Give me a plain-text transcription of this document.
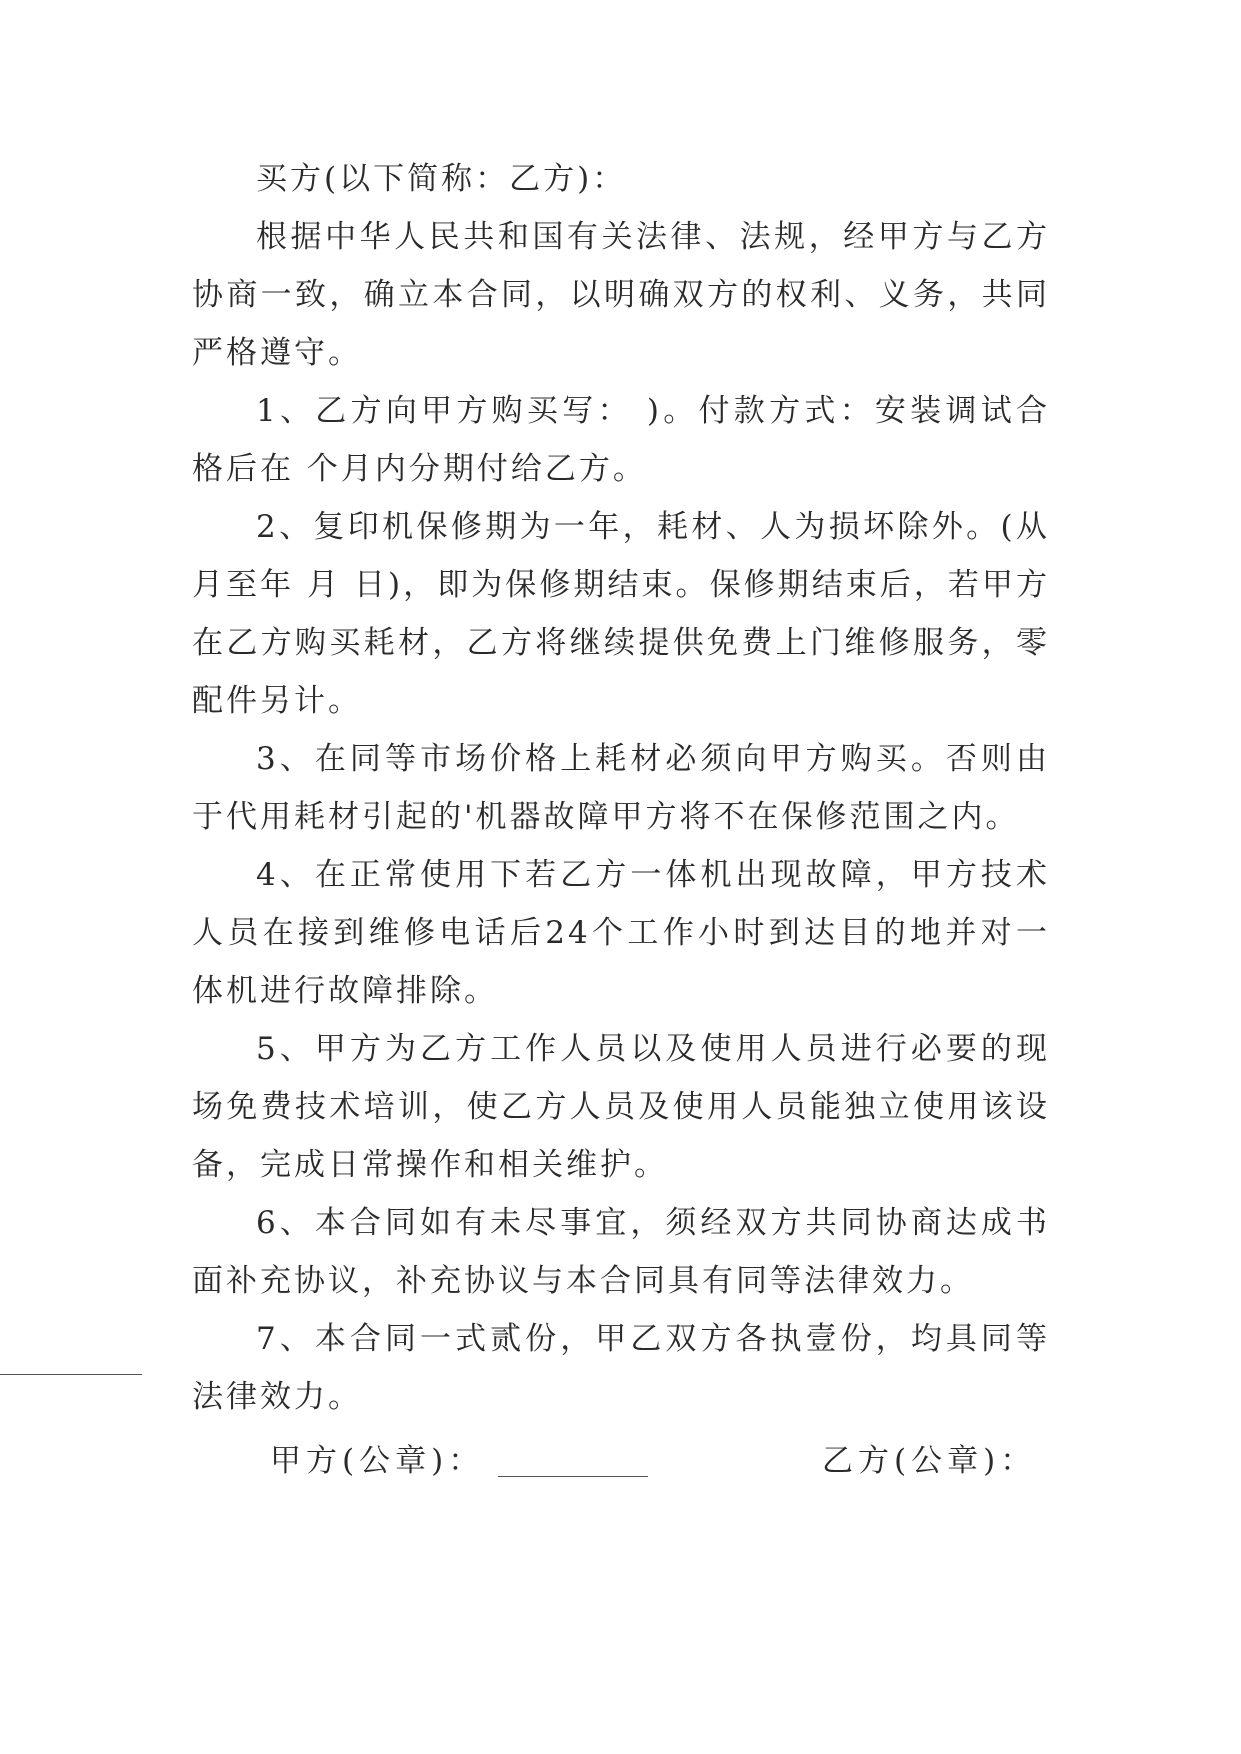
买方(以下简称：乙方)：

根据中华人民共和国有关法律、法规，经甲方与乙方协商一致，确立本合同，以明确双方的权利、义务，共同严格遵守。

1、乙方向甲方购买写： )。付款方式：安装调试合格后在 个月内分期付给乙方。

2、复印机保修期为一年，耗材、人为损坏除外。(从 月至年 月 日)，即为保修期结束。保修期结束后，若甲方在乙方购买耗材，乙方将继续提供免费上门维修服务，零配件另计。

3、在同等市场价格上耗材必须向甲方购买。否则由于代用耗材引起的'机器故障甲方将不在保修范围之内。

4、在正常使用下若乙方一体机出现故障，甲方技术人员在接到维修电话后24个工作小时到达目的地并对一体机进行故障排除。

5、甲方为乙方工作人员以及使用人员进行必要的现场免费技术培训，使乙方人员及使用人员能独立使用该设备，完成日常操作和相关维护。

6、本合同如有未尽事宜，须经双方共同协商达成书面补充协议，补充协议与本合同具有同等法律效力。

7、本合同一式贰份，甲乙双方各执壹份，均具同等法律效力。

甲方(公章)：	乙方(公章)：
